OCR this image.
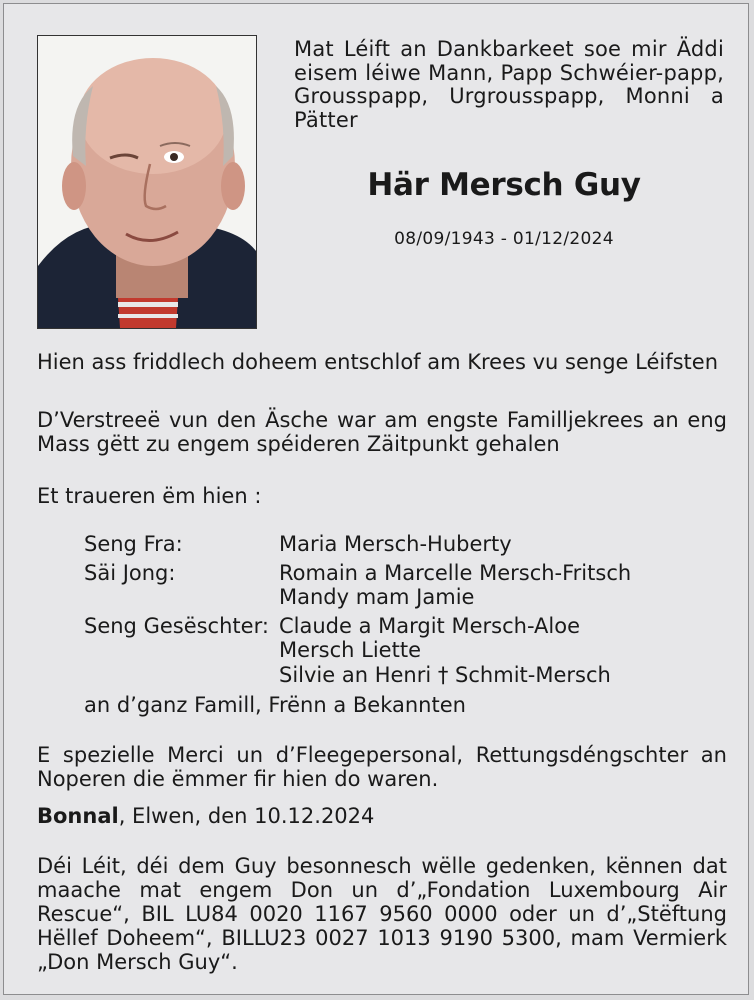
Mat Léift an Dankbarkeet soe mir Äddi eisem léiwe Mann, Papp Schwéier-papp, Grousspapp, Urgrousspapp, Monni a Pätter
Här Mersch Guy
08/09/1943 - 01/12/2024
Hien ass friddlech doheem entschlof am Krees vu senge Léifsten
D’Verstreeë vun den Äsche war am engste Familljekrees an eng Mass gëtt zu engem spéideren Zäitpunkt gehalen
Et traueren ëm hien :
Seng Fra:	Maria Mersch-Huberty
Säi Jong:	Romain a Marcelle Mersch-Fritsch
Mandy mam Jamie
Seng Gesëschter: Claude a Margit Mersch-Aloe
Mersch Liette
Silvie an Henri † Schmit-Mersch
an d’ganz Famill, Frënn a Bekannten
E spezielle Merci un d’Fleegepersonal, Rettungsdéngschter an Noperen die ëmmer fir hien do waren.
Bonnal, Elwen, den 10.12.2024
Déi Léit, déi dem Guy besonnesch wëlle gedenken, kënnen dat maache mat engem Don un d’„Fondation Luxembourg Air Rescue“, BIL LU84 0020 1167 9560 0000 oder un d’„Stëftung Hëllef Doheem“, BILLU23 0027 1013 9190 5300, mam Vermierk „Don Mersch Guy“.
